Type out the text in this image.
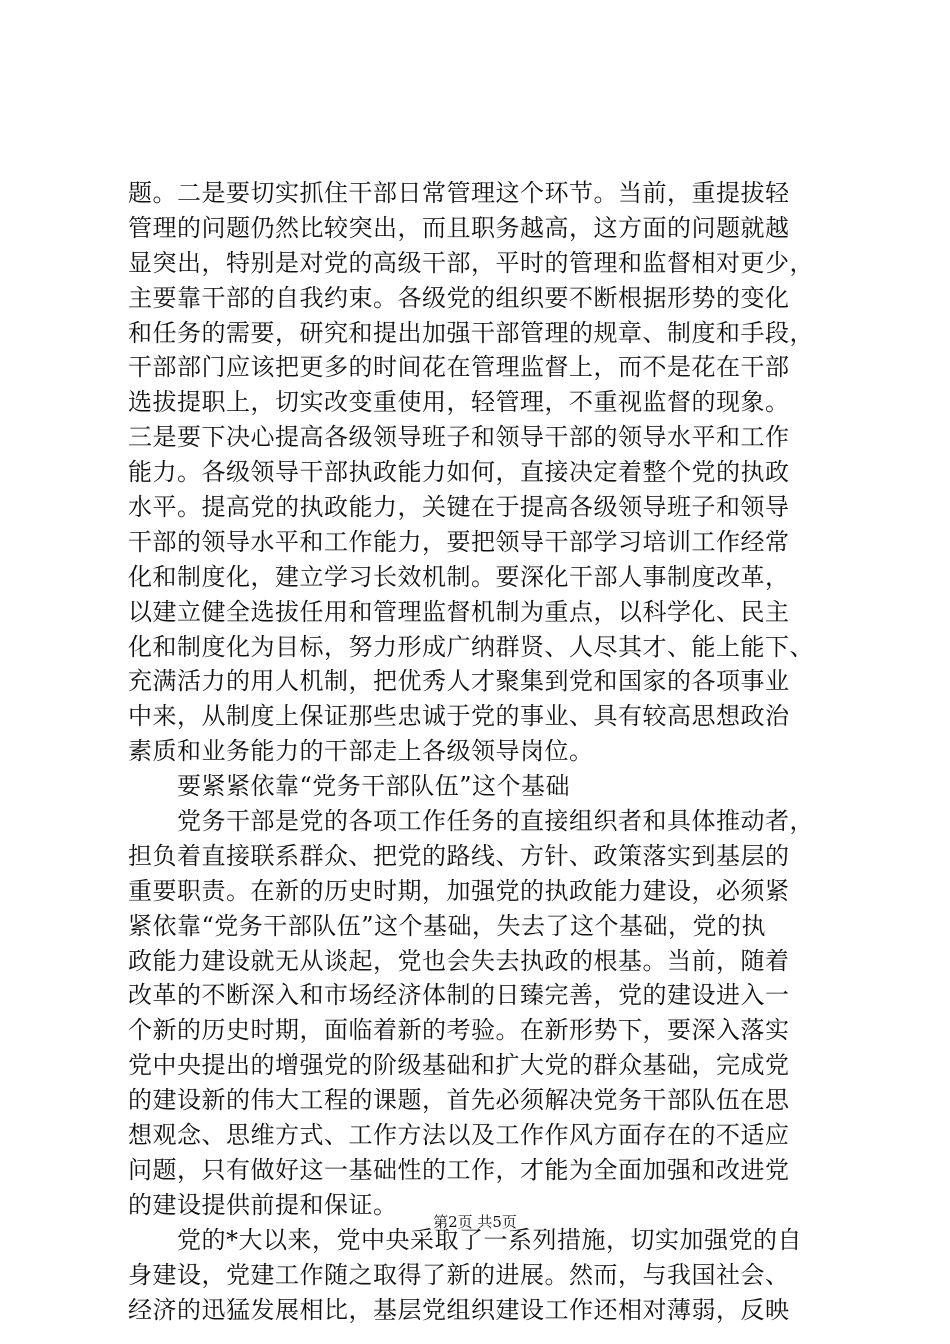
题。二是要切实抓住干部日常管理这个环节。当前，重提拔轻
管理的问题仍然比较突出，而且职务越高，这方面的问题就越
显突出，特别是对党的高级干部，平时的管理和监督相对更少，
主要靠干部的自我约束。各级党的组织要不断根据形势的变化
和任务的需要，研究和提出加强干部管理的规章、制度和手段，
干部部门应该把更多的时间花在管理监督上，而不是花在干部
选拔提职上，切实改变重使用，轻管理，不重视监督的现象。
三是要下决心提高各级领导班子和领导干部的领导水平和工作
能力。各级领导干部执政能力如何，直接决定着整个党的执政
水平。提高党的执政能力，关键在于提高各级领导班子和领导
干部的领导水平和工作能力，要把领导干部学习培训工作经常
化和制度化，建立学习长效机制。要深化干部人事制度改革，
以建立健全选拔任用和管理监督机制为重点，以科学化、民主
化和制度化为目标，努力形成广纳群贤、人尽其才、能上能下、
充满活力的用人机制，把优秀人才聚集到党和国家的各项事业
中来，从制度上保证那些忠诚于党的事业、具有较高思想政治
素质和业务能力的干部走上各级领导岗位。
　　要紧紧依靠“党务干部队伍”这个基础
　　党务干部是党的各项工作任务的直接组织者和具体推动者，
担负着直接联系群众、把党的路线、方针、政策落实到基层的
重要职责。在新的历史时期，加强党的执政能力建设，必须紧
紧依靠“党务干部队伍”这个基础，失去了这个基础，党的执
政能力建设就无从谈起，党也会失去执政的根基。当前，随着
改革的不断深入和市场经济体制的日臻完善，党的建设进入一
个新的历史时期，面临着新的考验。在新形势下，要深入落实
党中央提出的增强党的阶级基础和扩大党的群众基础，完成党
的建设新的伟大工程的课题，首先必须解决党务干部队伍在思
想观念、思维方式、工作方法以及工作作风方面存在的不适应
问题，只有做好这一基础性的工作，才能为全面加强和改进党
的建设提供前提和保证。
　　党的*大以来，党中央采取了一系列措施，切实加强党的自
身建设，党建工作随之取得了新的进展。然而，与我国社会、
经济的迅猛发展相比，基层党组织建设工作还相对薄弱，反映
第2页 共5页
